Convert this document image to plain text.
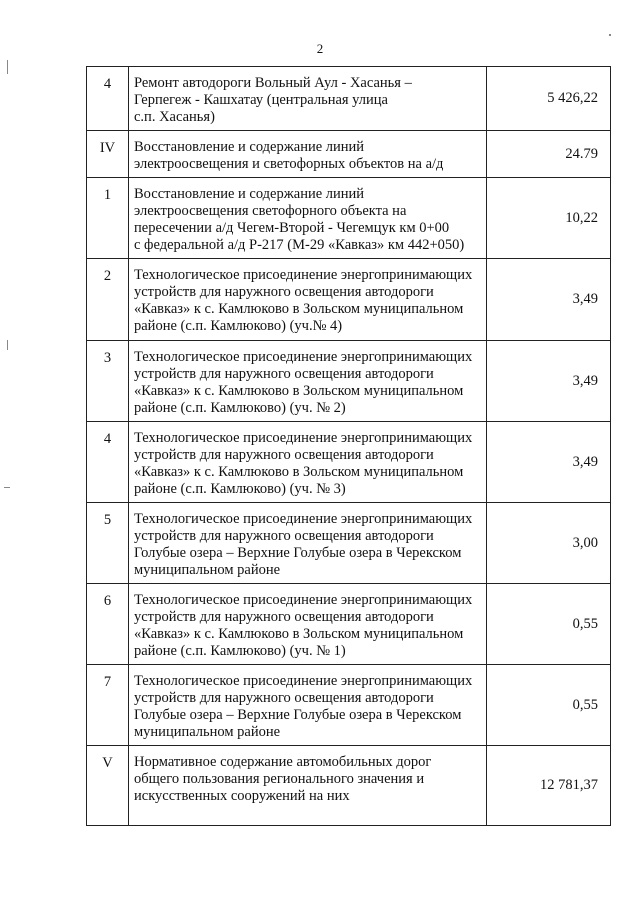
2
4	Ремонт автодороги Вольный Аул - Хасанья –
Герпегеж - Кашхатау (центральная улица
с.п. Хасанья)	5 426,22
IV	Восстановление и содержание линий
электроосвещения и светофорных объектов на а/д	24.79
1	Восстановление и содержание линий
электроосвещения светофорного объекта на
пересечении а/д Чегем-Второй - Чегемцук км 0+00
с федеральной а/д Р-217 (М-29 «Кавказ» км 442+050)	10,22
2	Технологическое присоединение энергопринимающих
устройств для наружного освещения автодороги
«Кавказ» к с. Камлюково в Зольском муниципальном
районе (с.п. Камлюково) (уч.№ 4)	3,49
3	Технологическое присоединение энергопринимающих
устройств для наружного освещения автодороги
«Кавказ» к с. Камлюково в Зольском муниципальном
районе (с.п. Камлюково) (уч. № 2)	3,49
4	Технологическое присоединение энергопринимающих
устройств для наружного освещения автодороги
«Кавказ» к с. Камлюково в Зольском муниципальном
районе (с.п. Камлюково) (уч. № 3)	3,49
5	Технологическое присоединение энергопринимающих
устройств для наружного освещения автодороги
Голубые озера – Верхние Голубые озера в Черекском
муниципальном районе	3,00
6	Технологическое присоединение энергопринимающих
устройств для наружного освещения автодороги
«Кавказ» к с. Камлюково в Зольском муниципальном
районе (с.п. Камлюково) (уч. № 1)	0,55
7	Технологическое присоединение энергопринимающих
устройств для наружного освещения автодороги
Голубые озера – Верхние Голубые озера в Черекском
муниципальном районе	0,55
V	Нормативное содержание автомобильных дорог
общего пользования регионального значения и
искусственных сооружений на них	12 781,37
